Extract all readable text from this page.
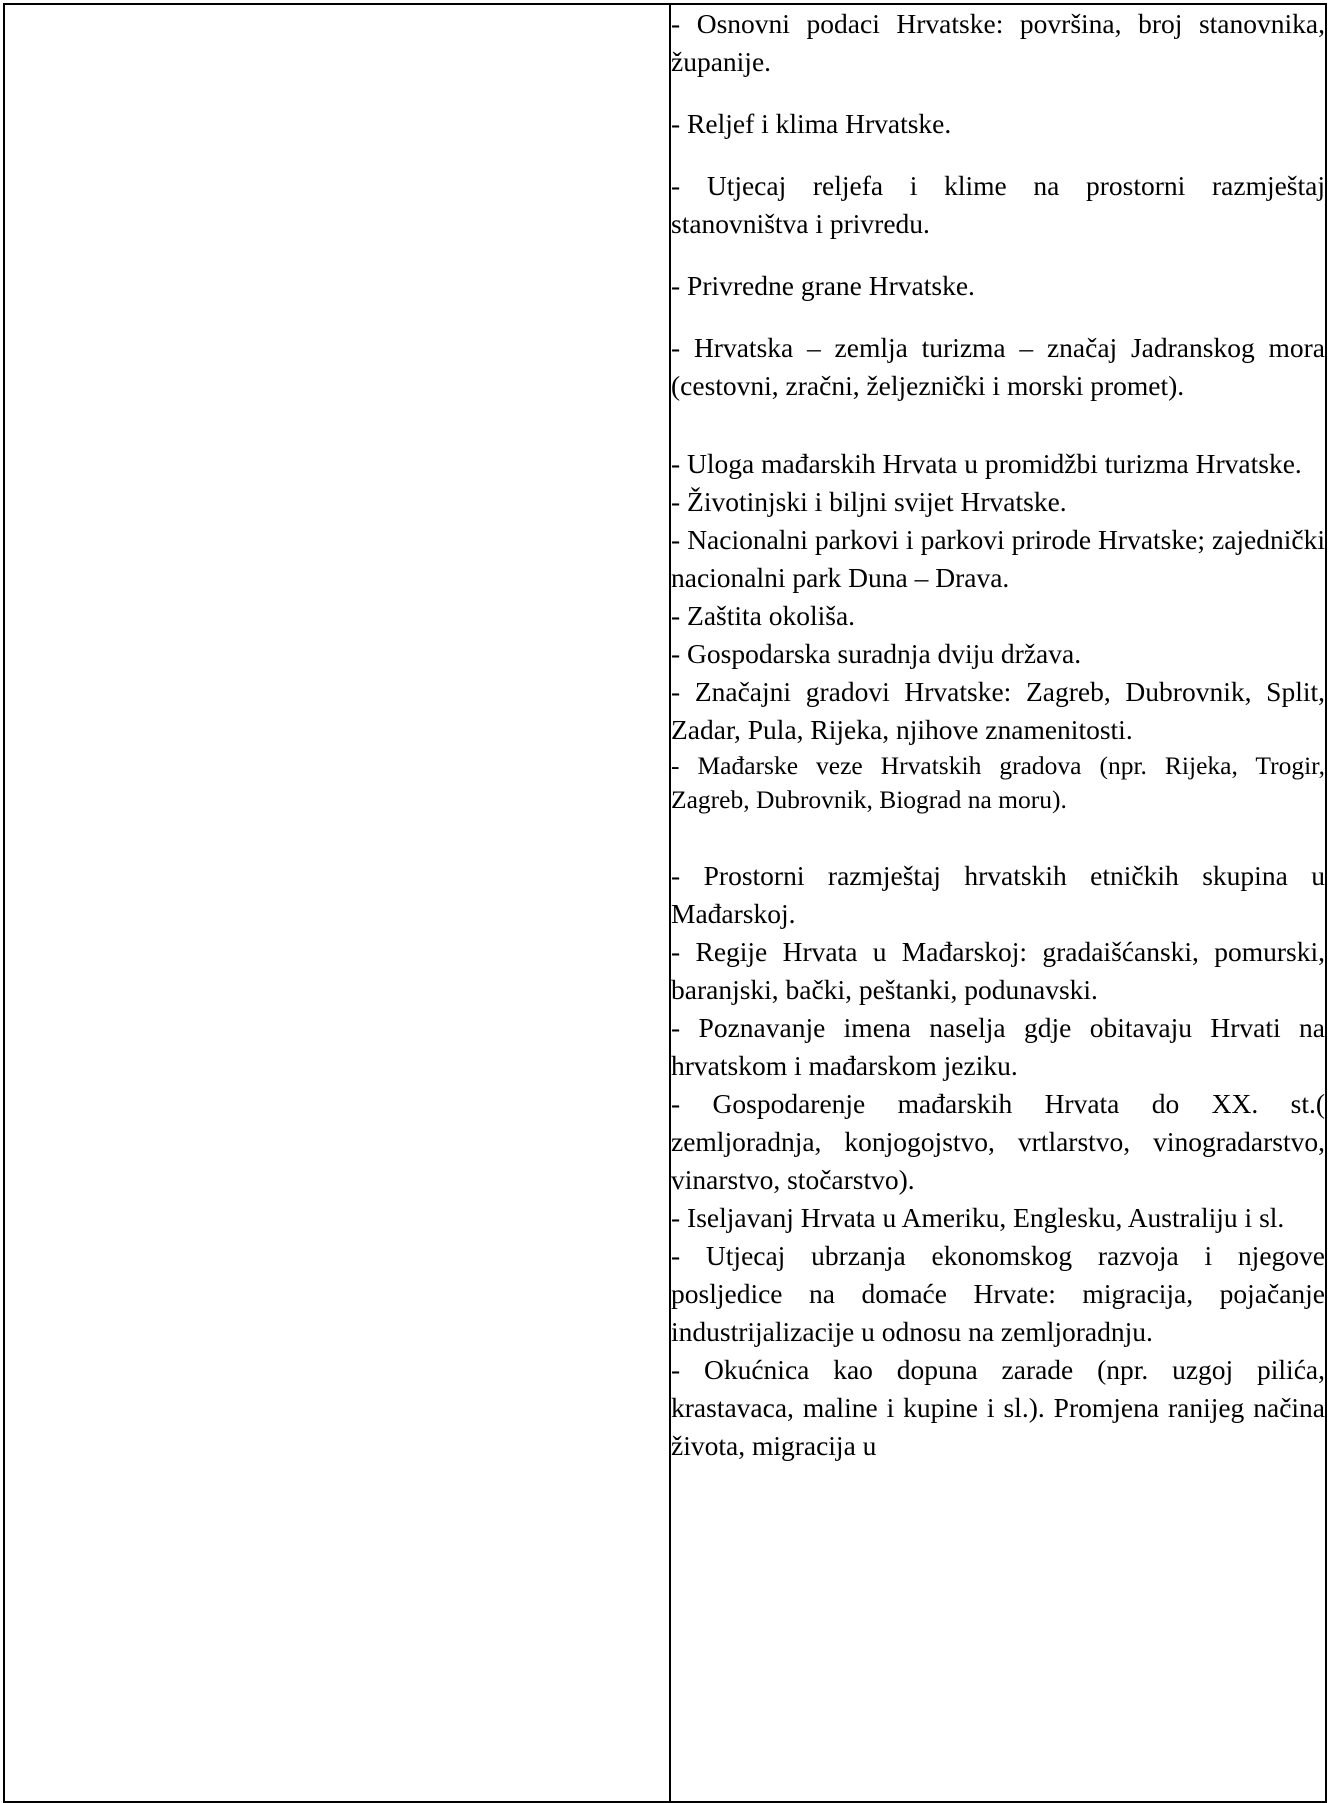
- Osnovni podaci Hrvatske: površina, broj stanovnika, županije.

- Reljef i klima Hrvatske.

- Utjecaj reljefa i klime na prostorni razmještaj stanovništva i privredu.

- Privredne grane Hrvatske.

- Hrvatska – zemlja turizma – značaj Jadranskog mora (cestovni, zračni, željeznički i morski promet).

- Uloga mađarskih Hrvata u promidžbi turizma Hrvatske.

- Životinjski i biljni svijet Hrvatske.

- Nacionalni parkovi i parkovi prirode Hrvatske; zajednički nacionalni park Duna – Drava.

- Zaštita okoliša.

- Gospodarska suradnja dviju država.

- Značajni gradovi Hrvatske: Zagreb, Dubrovnik, Split, Zadar, Pula, Rijeka, njihove znamenitosti.

- Mađarske veze Hrvatskih gradova (npr. Rijeka, Trogir, Zagreb, Dubrovnik, Biograd na moru).

- Prostorni razmještaj hrvatskih etničkih skupina u Mađarskoj.

- Regije Hrvata u Mađarskoj: gradaišćanski, pomurski, baranjski, bački, peštanki, podunavski.

- Poznavanje imena naselja gdje obitavaju Hrvati na hrvatskom i mađarskom jeziku.

- Gospodarenje mađarskih Hrvata do XX. st.( zemljoradnja, konjogojstvo, vrtlarstvo, vinogradarstvo, vinarstvo, stočarstvo).

- Iseljavanj Hrvata u Ameriku, Englesku, Australiju i sl.

- Utjecaj ubrzanja ekonomskog razvoja i njegove posljedice na domaće Hrvate: migracija, pojačanje industrijalizacije u odnosu na zemljoradnju.

- Okućnica kao dopuna zarade (npr. uzgoj pilića, krastavaca, maline i kupine i sl.). Promjena ranijeg načina života, migracija u
